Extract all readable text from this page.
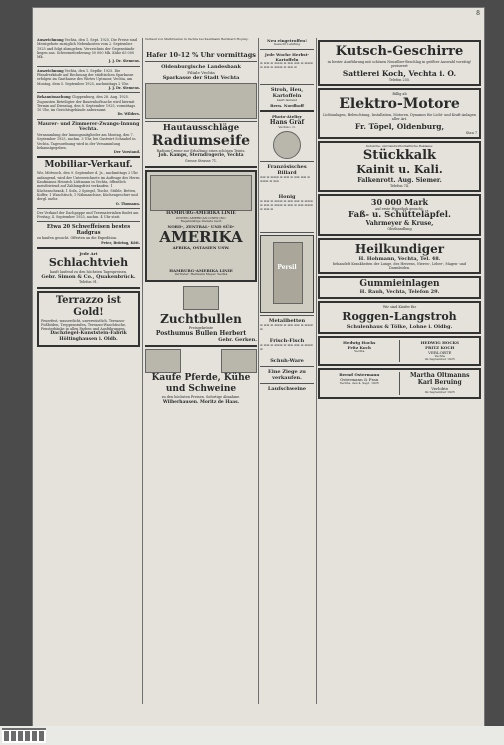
Auszeichnung Vechta, den 1. Sept. 1925. Die Preise sind Meistgebote zuzüglich Nebenkosten vom 2. September 1925 und folgt abzugeben. Verzeichnis der Gegenstände liegen aus. Schweineforderung 50 000 Mk. Kühe 65 000 Mk.
J. J. Dr. Siemens.
Auszeichnung Vechta, den 1. Septbr. 1925. Die Pfandverkäufe auf Rechnung der städtischen Sparkasse erfolgen im Gasthause des Wirtes Uptmoor, Vechta, am Montag, dem 5. September 1925, nachmittags 2 Uhr.
J. J. Dr. Siemens.
Bekanntmachung Cloppenburg, den 28. Aug. 1925. Zugunsten Beteiligter der Bauernhoftsache wird hiermit Termin auf Dienstag, den 8. September 1925, vormittags 10 Uhr, im Gerichtsgebäude anberaumt.
Dr. Wilders.
Maurer- und Zimmerer-Zwangs-Innung Vechta.
Versammlung der Innungsmitglieder am Montag, den 7. September 1925, nachm. 3 Uhr, bei Gastwirt Schnabel in Vechta. Tagesordnung wird in der Versammlung bekanntgegeben.
Der Vorstand.
Mobiliar-Verkauf.
Wir, Mittwoch, den 9. September d. Js., nachmittags 2 Uhr anfangend, wird der Unterzeichnete im Auftrage des Herrn Kaufmanns Heinrich Lüttmann in Vechta, öffentlich meistbietend auf Zahlungsfrist verkaufen: 1 Küchenschrank, 1 Sofa, 2 Spiegel, Tische, Stühle, Betten, Koffer, 1 Waschtisch, 1 Nähmaschine, Küchengeschirr und dergl. mehr.
O. Thomann.
Der Verkauf der Dachpappe und Teermaterialien findet am Freitag, 4. September 1925, nachm. 4 Uhr statt.
Etwa 20 Schweffeisen bestes Radgras
zu kaufen gesucht. Offerten an die Expedition.
Peter, Bröring, Kött.
Jede Art
Schlachtvieh
kauft laufend zu den höchsten Tagespreisen.
Gebr. Simon & Co., Quakenbrück.
Telefon 91.
Terrazzo ist Gold!
Feuerfest, wasserdicht, unverwüstlich. Terrazzo-Fußböden, Treppenstufen, Terrazzo-Waschtische, Fensterbänke in allen Farben und Ausführungen.
Dachziegel-Kunststein-Fabrik Höltinghausen i. Oldb.
Verkauf von Marktwaren in Vechta bei Kaufmann Bernhard Hoping.
Hafer 10-12 % Uhr vormittags
Oldenburgische Landesbank
Filiale Vechta
Sparkasse der Stadt Vechta
Hautausschläge
Radiumseife
Radium-Creme zur Erhaltung eines schönen Teints.
Joh. Kamps, Sterndrogerie, Vechta
Grosse Strasse 71.
HAMBURG-AMERIKA LINIE
UNITED AMERICAN LINES INC.
Regelmäßige Dienste nach
NORD-, ZENTRAL- UND SÜD-
AMERIKA
AFRIKA, OSTASIEN USW.
HAMBURG-AMERIKA LINIE
Vertreter: Hermann Meyer, Vechta
Zuchtbullen
Preisgekrönte
Posthumus Bullen Herbert
Gebr. Gerken.
Kaufe Pferde, Kühe und Schweine
zu den höchsten Preisen. Sofortige Abnahme.
Wilberhausen. Moritz de Haas.
Neu eingetroffen!
Gesucht Lehrling
Jede Woche Herbst-Kartoffeln
▬ ▬▬ ▬ ▬▬▬ ▬ ▬▬ ▬▬ ▬ ▬▬▬ ▬ ▬▬ ▬ ▬▬▬ ▬ ▬▬ ▬
Stroh, Heu, Kartoffeln
kauft laufend
Bern. Nordhoff
Photo-Atelier
Hans Gräf
Vechta i. O.
Französisches Billard
▬▬ ▬ ▬▬▬ ▬ ▬▬ ▬ ▬▬ ▬▬ ▬ ▬▬▬ ▬ ▬▬
Honig
▬ ▬▬ ▬ ▬▬▬ ▬ ▬▬ ▬▬ ▬ ▬▬▬ ▬ ▬▬ ▬ ▬▬▬ ▬ ▬▬ ▬ ▬▬ ▬▬▬ ▬ ▬▬ ▬
Persil
Metallbetten
▬ ▬▬ ▬ ▬▬▬ ▬ ▬▬ ▬▬ ▬ ▬▬▬ ▬
Frisch-Fisch
▬ ▬▬ ▬ ▬▬▬ ▬ ▬▬ ▬▬ ▬ ▬▬▬ ▬
Schuh-Ware
Eine Ziege zu verkaufen.
Laufschweine
Kutsch-Geschirre
in bester Ausführung mit schönen Neusilber-Beschlag in größter Auswahl vorrätig! preiswert
Sattlerei Koch, Vechta i. O.
Telefon 255.
Billig ab
Elektro-Motore
Lichtanlagen, Beleuchtung, Installation, Motoren, Dynamos für Licht- und Kraft-Anlagen aller Art.
Fr. Töpel, Oldenburg,
Stau 7
Industrie- und landwirtschaftliche Reklame:
Stückkalk
Kainit u. Kali.
Falkenrott. Aug. Siemer.
Telefon 74.
30 000 Mark
auf erste Hypothek gesucht.
Faß- u. Schütteläpfel.
Vahrmeyer & Kruse,
Obsthandlung
Heilkundiger
H. Hohmann, Vechta, Tel. 48.
behandelt Krankheiten der Lunge, des Herzens, Nieren-, Leber-, Magen- und Darmleiden.
Gummieinlagen
H. Rauh, Vechta, Telefon 29.
Wir sind Käufer für
Roggen-Langstroh
Schulenhaus & Tölke, Lohne i. Oldbg.
Hedwig Hocks
Fritz Koch
Vechta
HEDWIG HOCKS
FRITZ KOCH
VERLOBTE
Vechta
im September 1925
Bernd Ostermann
Ostermann & Frau
Vechta, den 4. Sept. 1925
Martha Oltmanns
Karl Beruing
Verlobte
im September 1925
8
